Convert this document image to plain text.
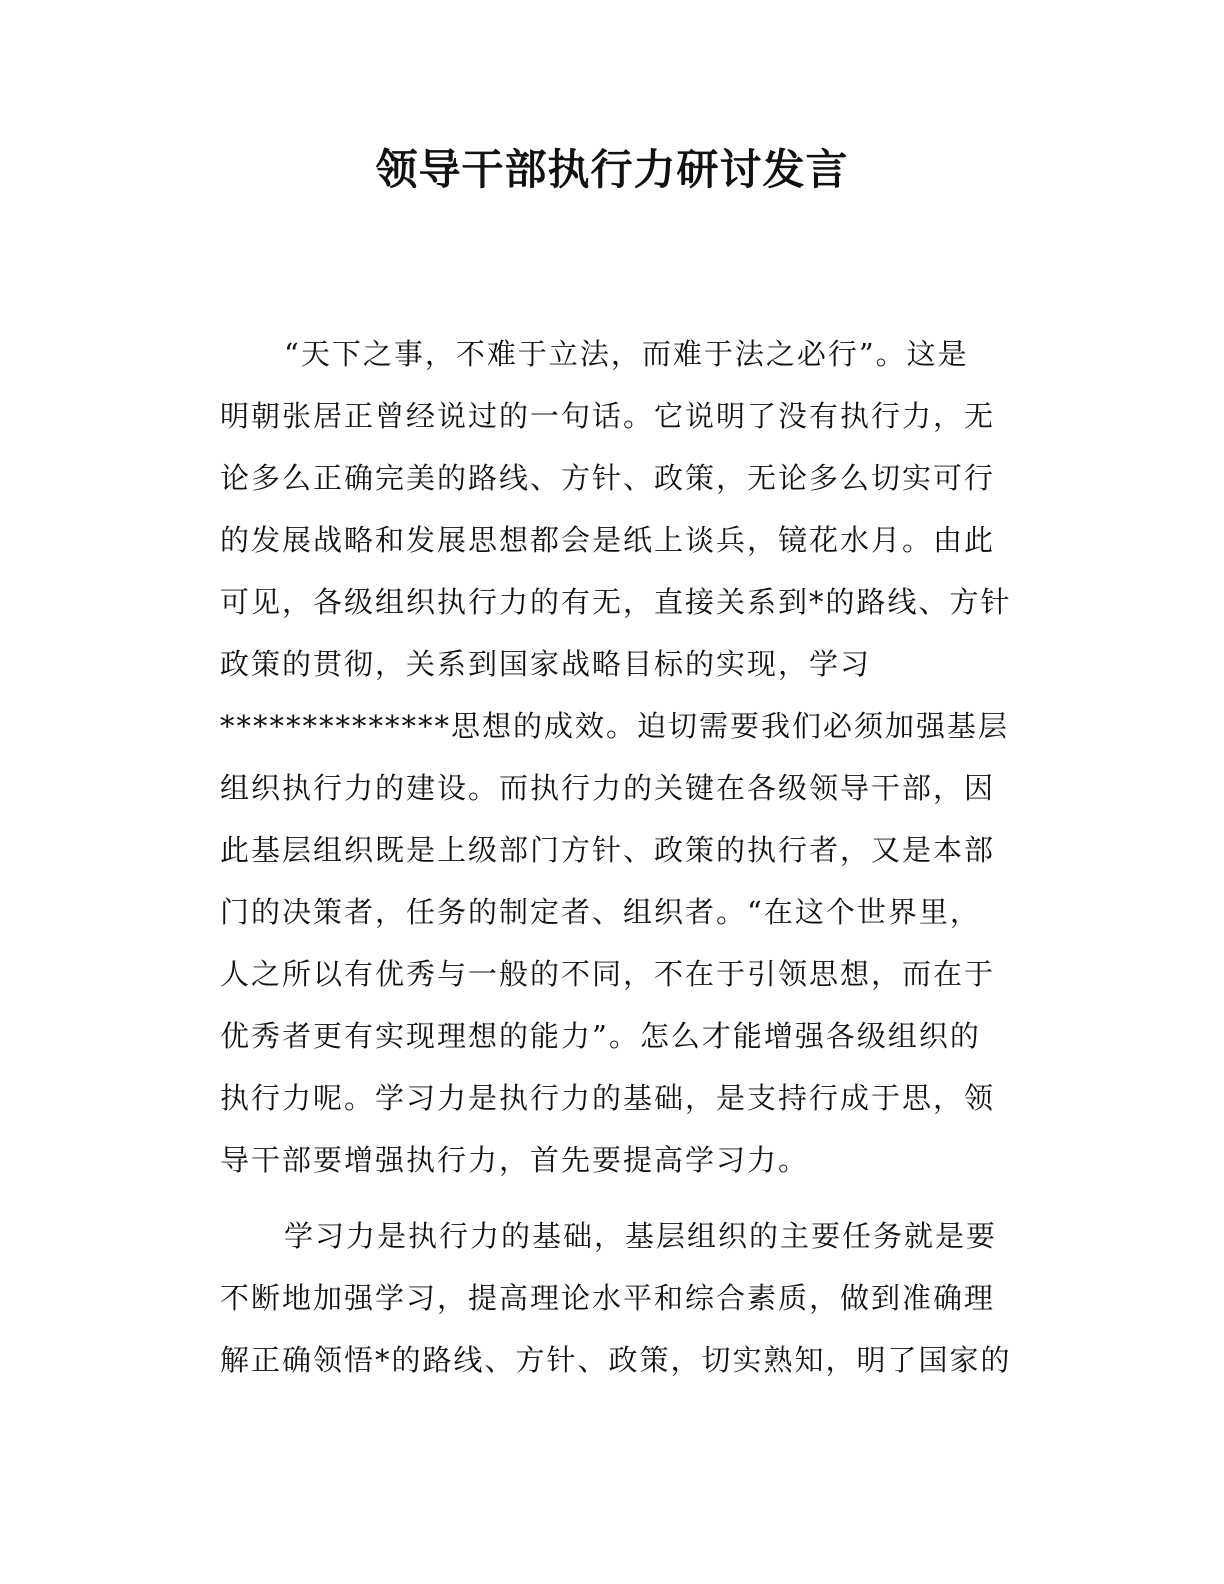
领导干部执行力研讨发言

“天下之事，不难于立法，而难于法之必行”。这是
明朝张居正曾经说过的一句话。它说明了没有执行力，无
论多么正确完美的路线、方针、政策，无论多么切实可行
的发展战略和发展思想都会是纸上谈兵，镜花水月。由此
可见，各级组织执行力的有无，直接关系到*的路线、方针
政策的贯彻，关系到国家战略目标的实现，学习
**************思想的成效。迫切需要我们必须加强基层
组织执行力的建设。而执行力的关键在各级领导干部，因
此基层组织既是上级部门方针、政策的执行者，又是本部
门的决策者，任务的制定者、组织者。“在这个世界里，
人之所以有优秀与一般的不同，不在于引领思想，而在于
优秀者更有实现理想的能力”。怎么才能增强各级组织的
执行力呢。学习力是执行力的基础，是支持行成于思，领
导干部要增强执行力，首先要提高学习力。

学习力是执行力的基础，基层组织的主要任务就是要
不断地加强学习，提高理论水平和综合素质，做到准确理
解正确领悟*的路线、方针、政策，切实熟知，明了国家的
